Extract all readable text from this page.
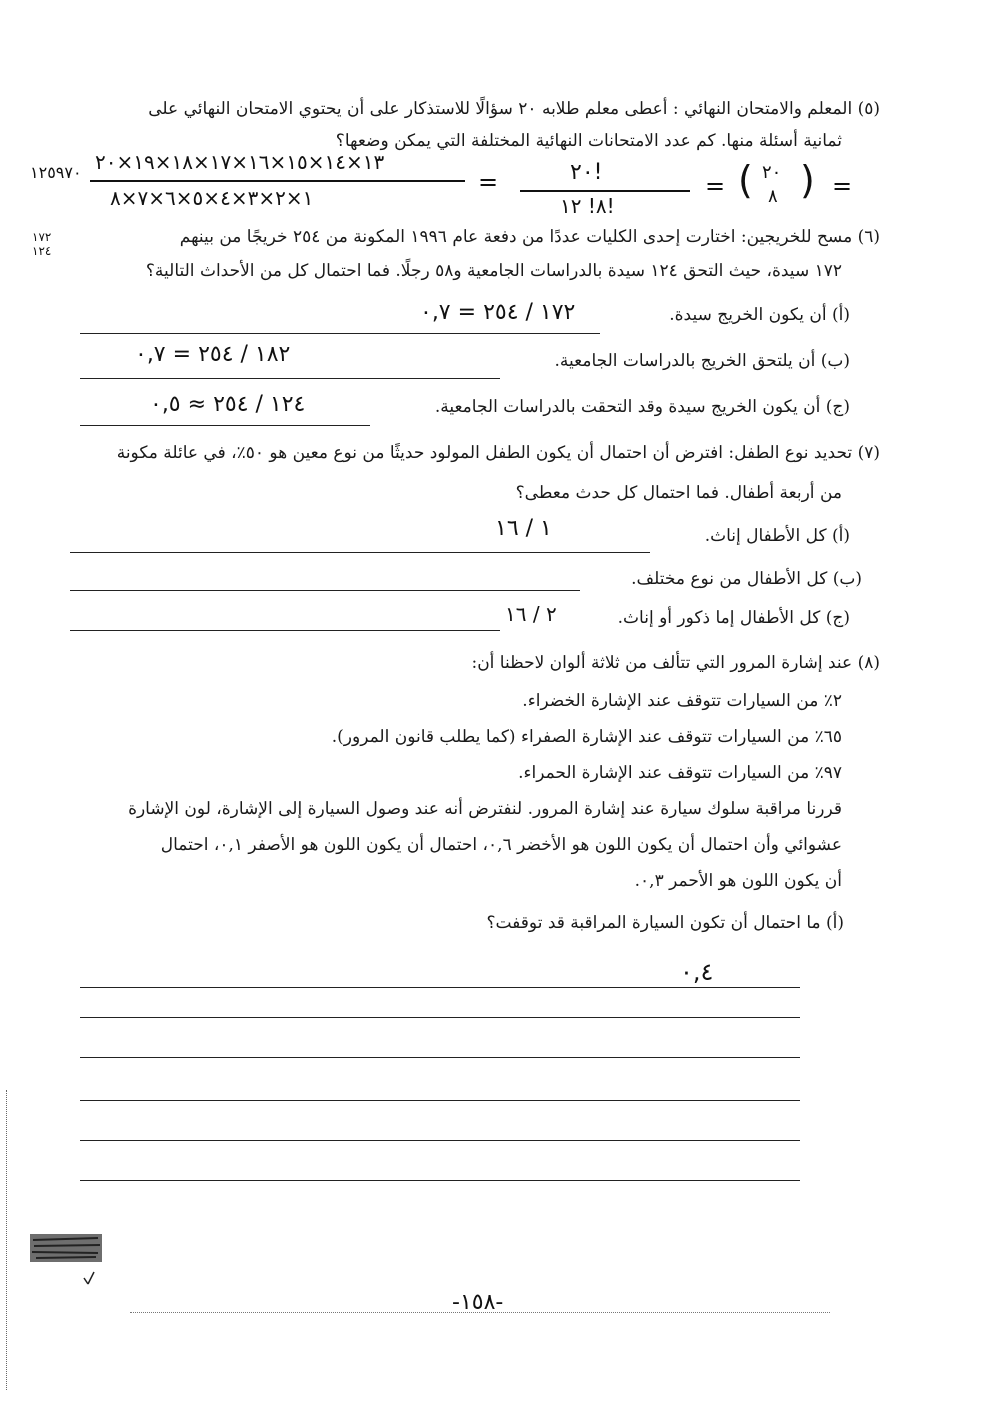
(٥) المعلم والامتحان النهائي : أعطى معلم طلابه ٢٠ سؤالًا للاستذكار على أن يحتوي الامتحان النهائي على
ثمانية أسئلة منها. كم عدد الامتحانات النهائية المختلفة التي يمكن وضعها؟
١٢٥٩٧٠ ١٣×١٤×١٥×١٦×١٧×١٨×١٩×٢٠
١×٢×٣×٤×٥×٦×٧×٨
=	٢٠!
٨! ١٢!
= ( ٢٠
٨ ) =
١٧٢ ١٢٤
(٦) مسح للخريجين: اختارت إحدى الكليات عددًا من دفعة عام ١٩٩٦ المكونة من ٢٥٤ خريجًا من بينهم
١٧٢ سيدة، حيث التحق ١٢٤ سيدة بالدراسات الجامعية و٥٨ رجلًا. فما احتمال كل من الأحداث التالية؟
(أ) أن يكون الخريج سيدة.
١٧٢ / ٢٥٤ = ٠,٧
(ب) أن يلتحق الخريج بالدراسات الجامعية.
١٨٢ / ٢٥٤ = ٠,٧
(ج) أن يكون الخريج سيدة وقد التحقت بالدراسات الجامعية.
١٢٤ / ٢٥٤ ≈ ٠,٥
(٧) تحديد نوع الطفل: افترض أن احتمال أن يكون الطفل المولود حديثًا من نوع معين هو ٥٠٪، في عائلة مكونة
من أربعة أطفال. فما احتمال كل حدث معطى؟
(أ) كل الأطفال إناث.
١ / ١٦
(ب) كل الأطفال من نوع مختلف.
(ج) كل الأطفال إما ذكور أو إناث.
٢ / ١٦
(٨) عند إشارة المرور التي تتألف من ثلاثة ألوان لاحظنا أن:
٢٪ من السيارات تتوقف عند الإشارة الخضراء.
٦٥٪ من السيارات تتوقف عند الإشارة الصفراء (كما يطلب قانون المرور).
٩٧٪ من السيارات تتوقف عند الإشارة الحمراء.
قررنا مراقبة سلوك سيارة عند إشارة المرور. لنفترض أنه عند وصول السيارة إلى الإشارة، لون الإشارة
عشوائي وأن احتمال أن يكون اللون هو الأخضر ٠,٦، احتمال أن يكون اللون هو الأصفر ٠,١، احتمال
أن يكون اللون هو الأحمر ٠,٣.
(أ) ما احتمال أن تكون السيارة المراقبة قد توقفت؟
٠,٤
-١٥٨-
